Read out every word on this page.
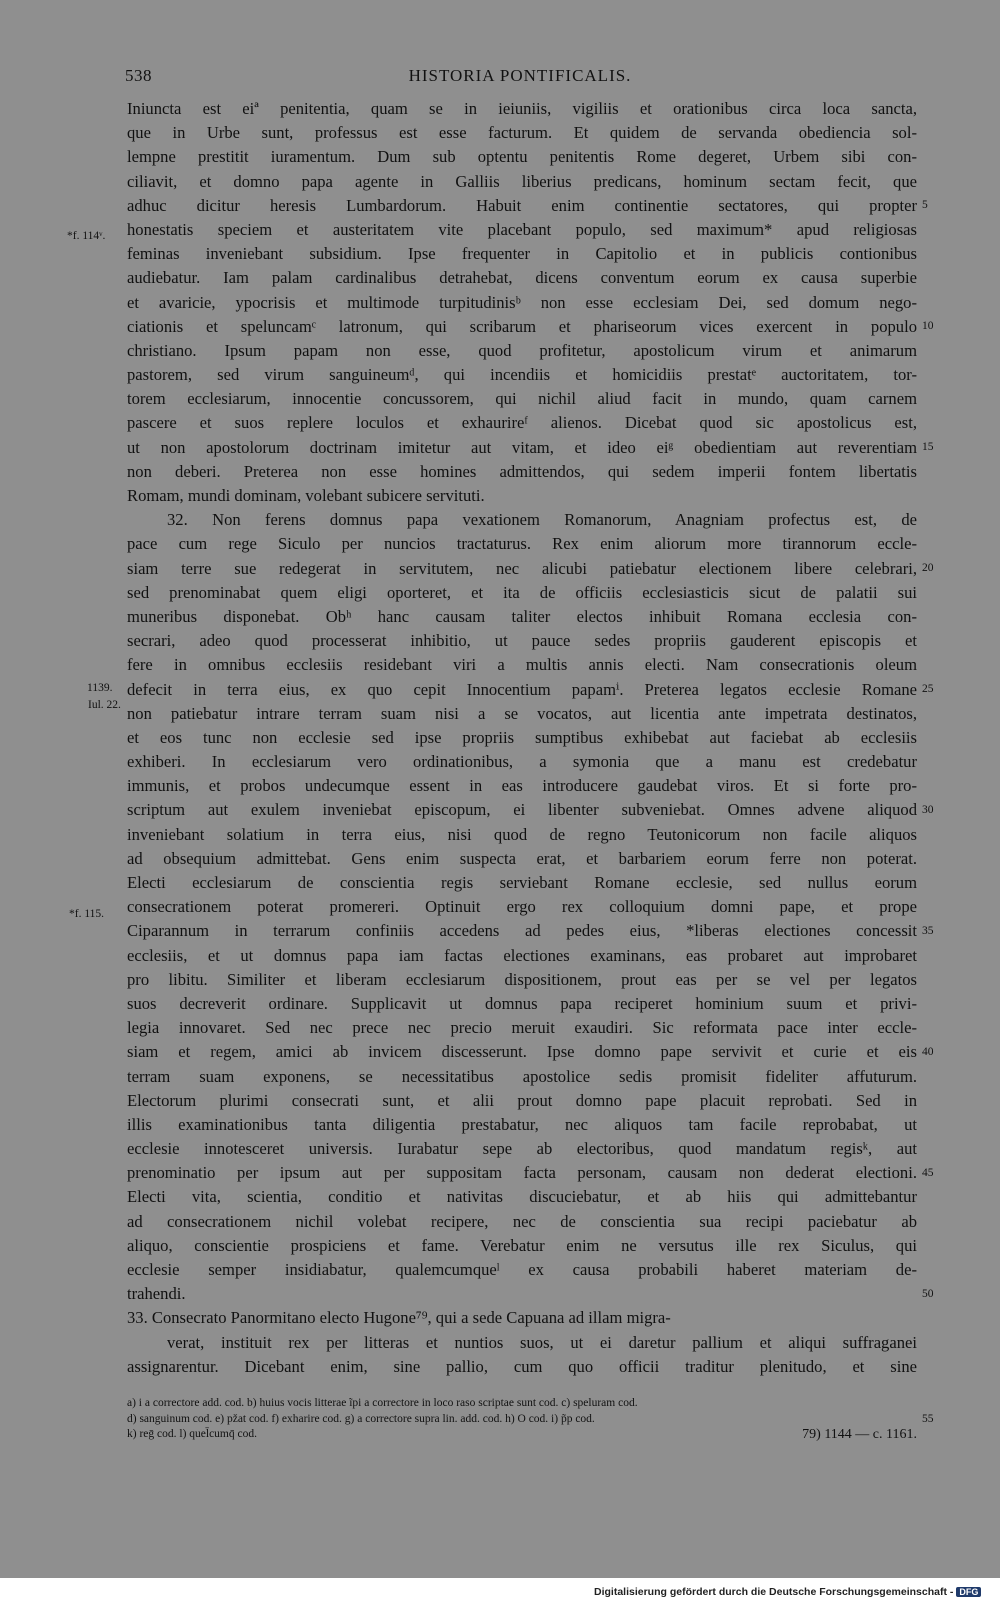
538	HISTORIA PONTIFICALIS.
Iniuncta est eiª penitentia, quam se in ieiuniis, vigiliis et orationibus circa loca sancta,
que in Urbe sunt, professus est esse facturum. Et quidem de servanda obediencia sol-
lempne prestitit iuramentum. Dum sub optentu penitentis Rome degeret, Urbem sibi con-
ciliavit, et domno papa agente in Galliis liberius predicans, hominum sectam fecit, que
adhuc dicitur heresis Lumbardorum. Habuit enim continentie sectatores, qui propter
honestatis speciem et austeritatem vite placebant populo, sed maximum* apud religiosas
feminas inveniebant subsidium. Ipse frequenter in Capitolio et in publicis contionibus
audiebatur. Iam palam cardinalibus detrahebat, dicens conventum eorum ex causa superbie
et avaricie, ypocrisis et multimode turpitudinisᵇ non esse ecclesiam Dei, sed domum nego-
ciationis et speluncamᶜ latronum, qui scribarum et phariseorum vices exercent in populo
christiano. Ipsum papam non esse, quod profitetur, apostolicum virum et animarum
pastorem, sed virum sanguineumᵈ, qui incendiis et homicidiis prestatᵉ auctoritatem, tor-
torem ecclesiarum, innocentie concussorem, qui nichil aliud facit in mundo, quam carnem
pascere et suos replere loculos et exhaurireᶠ alienos. Dicebat quod sic apostolicus est,
ut non apostolorum doctrinam imitetur aut vitam, et ideo eiᵍ obedientiam aut reverentiam
non deberi. Preterea non esse homines admittendos, qui sedem imperii fontem libertatis
Romam, mundi dominam, volebant subicere servituti.
32. Non ferens domnus papa vexationem Romanorum, Anagniam profectus est, de
pace cum rege Siculo per nuncios tractaturus. Rex enim aliorum more tirannorum eccle-
siam terre sue redegerat in servitutem, nec alicubi patiebatur electionem libere celebrari,
sed prenominabat quem eligi oporteret, et ita de officiis ecclesiasticis sicut de palatii sui
muneribus disponebat. Obʰ hanc causam taliter electos inhibuit Romana ecclesia con-
secrari, adeo quod processerat inhibitio, ut pauce sedes propriis gauderent episcopis et
fere in omnibus ecclesiis residebant viri a multis annis electi. Nam consecrationis oleum
defecit in terra eius, ex quo cepit Innocentium papamⁱ. Preterea legatos ecclesie Romane
non patiebatur intrare terram suam nisi a se vocatos, aut licentia ante impetrata destinatos,
et eos tunc non ecclesie sed ipse propriis sumptibus exhibebat aut faciebat ab ecclesiis
exhiberi. In ecclesiarum vero ordinationibus, a symonia que a manu est credebatur
immunis, et probos undecumque essent in eas introducere gaudebat viros. Et si forte pro-
scriptum aut exulem inveniebat episcopum, ei libenter subveniebat. Omnes advene aliquod
inveniebant solatium in terra eius, nisi quod de regno Teutonicorum non facile aliquos
ad obsequium admittebat. Gens enim suspecta erat, et barbariem eorum ferre non poterat.
Electi ecclesiarum de conscientia regis serviebant Romane ecclesie, sed nullus eorum
consecrationem poterat promereri. Optinuit ergo rex colloquium domni pape, et prope
Ciparannum in terrarum confiniis accedens ad pedes eius, *liberas electiones concessit
ecclesiis, et ut domnus papa iam factas electiones examinans, eas probaret aut improbaret
pro libitu. Similiter et liberam ecclesiarum dispositionem, prout eas per se vel per legatos
suos decreverit ordinare. Supplicavit ut domnus papa reciperet hominium suum et privi-
legia innovaret. Sed nec prece nec precio meruit exaudiri. Sic reformata pace inter eccle-
siam et regem, amici ab invicem discesserunt. Ipse domno pape servivit et curie et eis
terram suam exponens, se necessitatibus apostolice sedis promisit fideliter affuturum.
Electorum plurimi consecrati sunt, et alii prout domno pape placuit reprobati. Sed in
illis examinationibus tanta diligentia prestabatur, nec aliquos tam facile reprobabat, ut
ecclesie innotesceret universis. Iurabatur sepe ab electoribus, quod mandatum regisᵏ, aut
prenominatio per ipsum aut per suppositam facta personam, causam non dederat electioni.
Electi vita, scientia, conditio et nativitas discuciebatur, et ab hiis qui admittebantur
ad consecrationem nichil volebat recipere, nec de conscientia sua recipi paciebatur ab
aliquo, conscientie prospiciens et fame. Verebatur enim ne versutus ille rex Siculus, qui
ecclesie semper insidiabatur, qualemcumqueˡ ex causa probabili haberet materiam de-
trahendi.
33. Consecrato Panormitano electo Hugone⁷⁹, qui a sede Capuana ad illam migra-
verat, instituit rex per litteras et nuntios suos, ut ei daretur pallium et aliqui suffraganei
assignarentur. Dicebant enim, sine pallio, cum quo officii traditur plenitudo, et sine
5
10
15
20
25
30
35
40
45
50
*f. 114ᵛ.
1139.
Iul. 22.
*f. 115.
a) i a correctore add. cod. b) huius vocis litterae ĩpi a correctore in loco raso scriptae sunt cod. c) speluram cod.
d) sanguinum cod. e) pžat cod. f) exharire cod. g) a correctore supra lin. add. cod. h) O cod. i) p̃p cod.	55
k) reḡ cod. l) quel̄cumq̄ cod.	79) 1144 — c. 1161.
Digitalisierung gefördert durch die Deutsche Forschungsgemeinschaft - DFG
